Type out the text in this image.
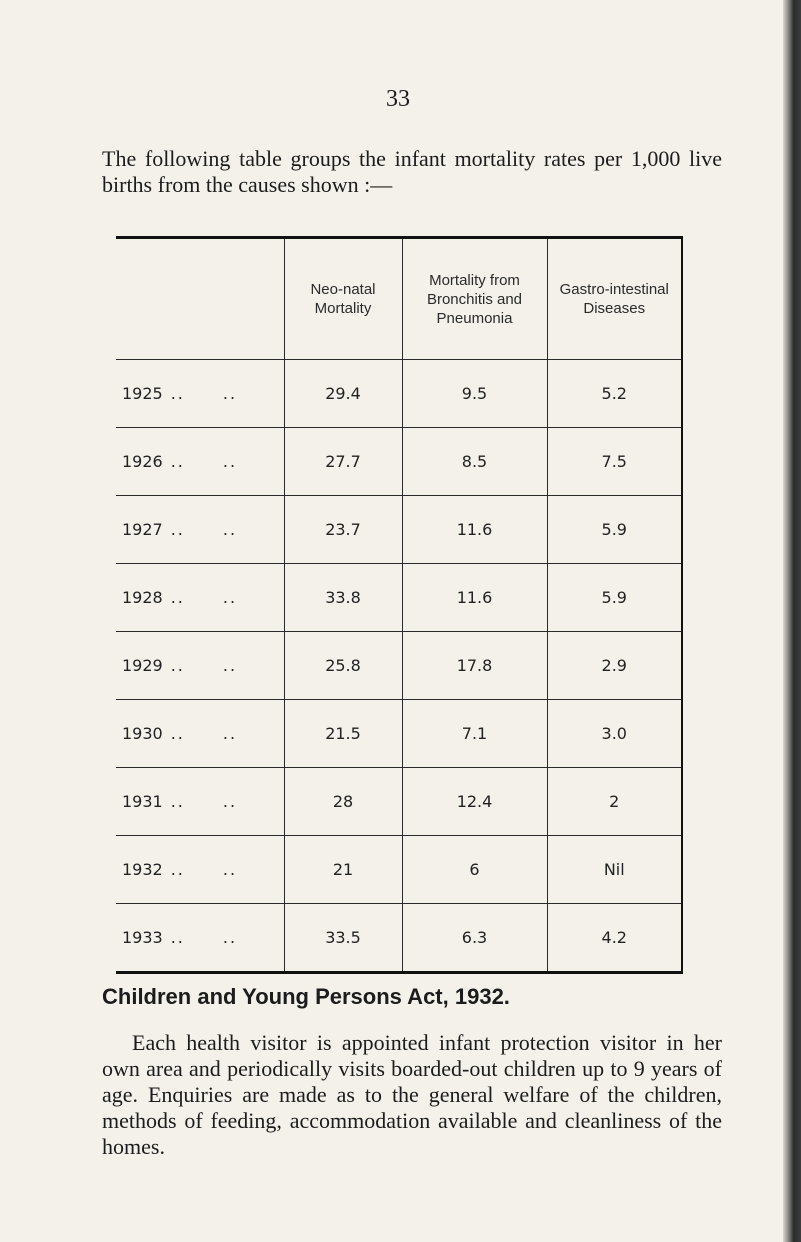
33

The following table groups the infant mortality rates per 1,000 live births from the causes shown :—

	Neo-natal Mortality	Mortality from Bronchitis and Pneumonia	Gastro-intestinal Diseases
1925 .. ..	29.4	9.5	5.2
1926 .. ..	27.7	8.5	7.5
1927 .. ..	23.7	11.6	5.9
1928 .. ..	33.8	11.6	5.9
1929 .. ..	25.8	17.8	2.9
1930 .. ..	21.5	7.1	3.0
1931 .. ..	28	12.4	2
1932 .. ..	21	6	Nil
1933 .. ..	33.5	6.3	4.2
Children and Young Persons Act, 1932.

Each health visitor is appointed infant protection visitor in her own area and periodically visits boarded-out children up to 9 years of age. Enquiries are made as to the general welfare of the children, methods of feeding, accommodation available and cleanliness of the homes.
